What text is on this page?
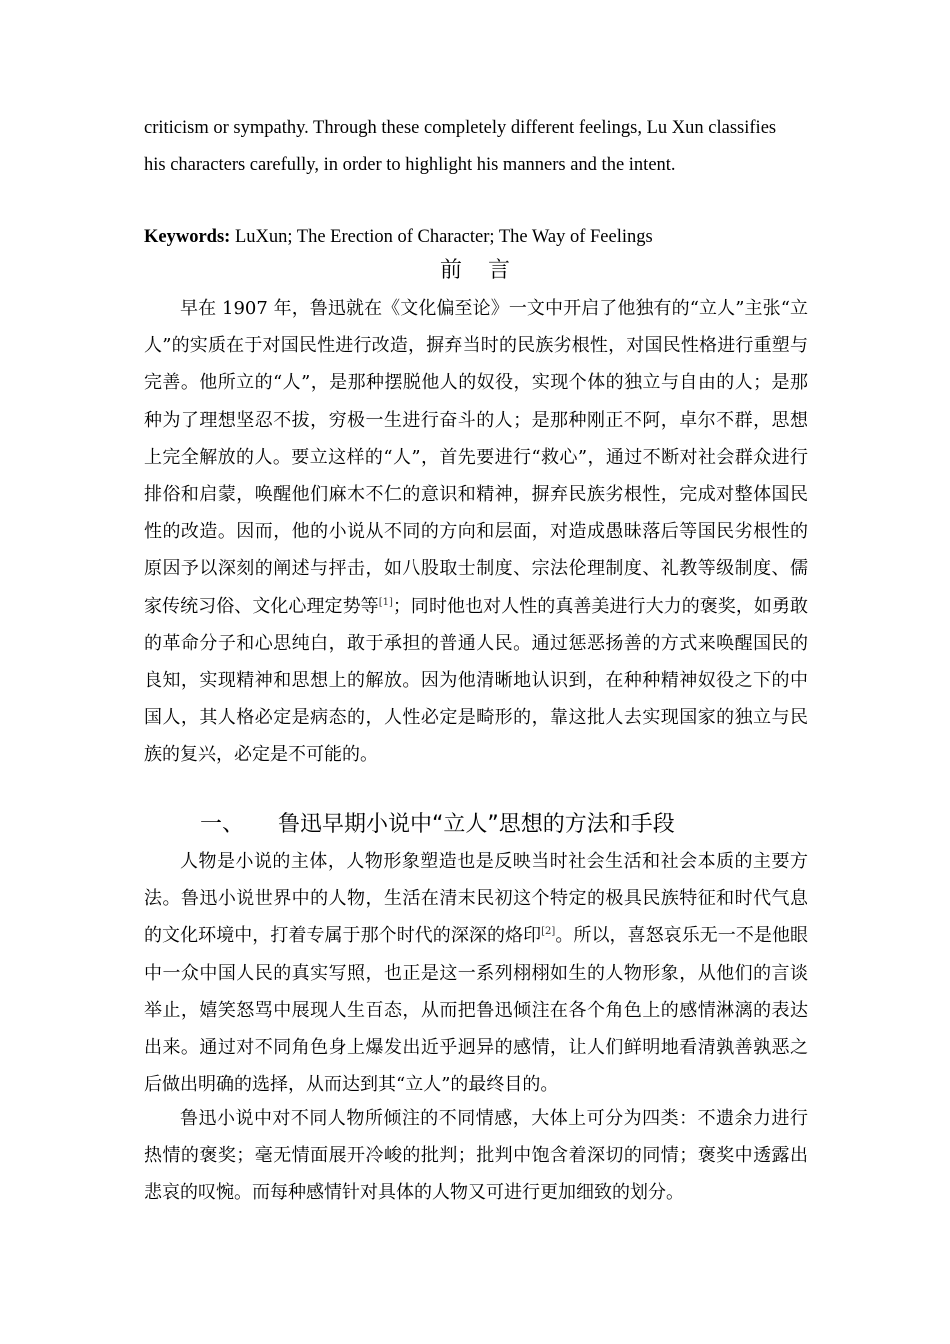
criticism or sympathy. Through these completely different feelings, Lu Xun classifies
his characters carefully, in order to highlight his manners and the intent.
Keywords: LuXun; The Erection of Character; The Way of Feelings
前言

早在 1907 年，鲁迅就在《文化偏至论》一文中开启了他独有的“立人”主张“立人”的实质在于对国民性进行改造，摒弃当时的民族劣根性，对国民性格进行重塑与完善。他所立的“人”，是那种摆脱他人的奴役，实现个体的独立与自由的人；是那种为了理想坚忍不拔，穷极一生进行奋斗的人；是那种刚正不阿，卓尔不群，思想上完全解放的人。要立这样的“人”，首先要进行“救心”，通过不断对社会群众进行排俗和启蒙，唤醒他们麻木不仁的意识和精神，摒弃民族劣根性，完成对整体国民性的改造。因而，他的小说从不同的方向和层面，对造成愚昧落后等国民劣根性的原因予以深刻的阐述与抨击，如八股取士制度、宗法伦理制度、礼教等级制度、儒家传统习俗、文化心理定势等[1]；同时他也对人性的真善美进行大力的褒奖，如勇敢的革命分子和心思纯白，敢于承担的普通人民。通过惩恶扬善的方式来唤醒国民的良知，实现精神和思想上的解放。因为他清晰地认识到，在种种精神奴役之下的中国人，其人格必定是病态的，人性必定是畸形的，靠这批人去实现国家的独立与民族的复兴，必定是不可能的。

一、 鲁迅早期小说中“立人”思想的方法和手段

人物是小说的主体，人物形象塑造也是反映当时社会生活和社会本质的主要方法。鲁迅小说世界中的人物，生活在清末民初这个特定的极具民族特征和时代气息的文化环境中，打着专属于那个时代的深深的烙印[2]。所以，喜怒哀乐无一不是他眼中一众中国人民的真实写照，也正是这一系列栩栩如生的人物形象，从他们的言谈举止，嬉笑怒骂中展现人生百态，从而把鲁迅倾注在各个角色上的感情淋漓的表达出来。通过对不同角色身上爆发出近乎迥异的感情，让人们鲜明地看清孰善孰恶之后做出明确的选择，从而达到其“立人”的最终目的。

鲁迅小说中对不同人物所倾注的不同情感，大体上可分为四类：不遗余力进行热情的褒奖；毫无情面展开冷峻的批判；批判中饱含着深切的同情；褒奖中透露出悲哀的叹惋。而每种感情针对具体的人物又可进行更加细致的划分。
